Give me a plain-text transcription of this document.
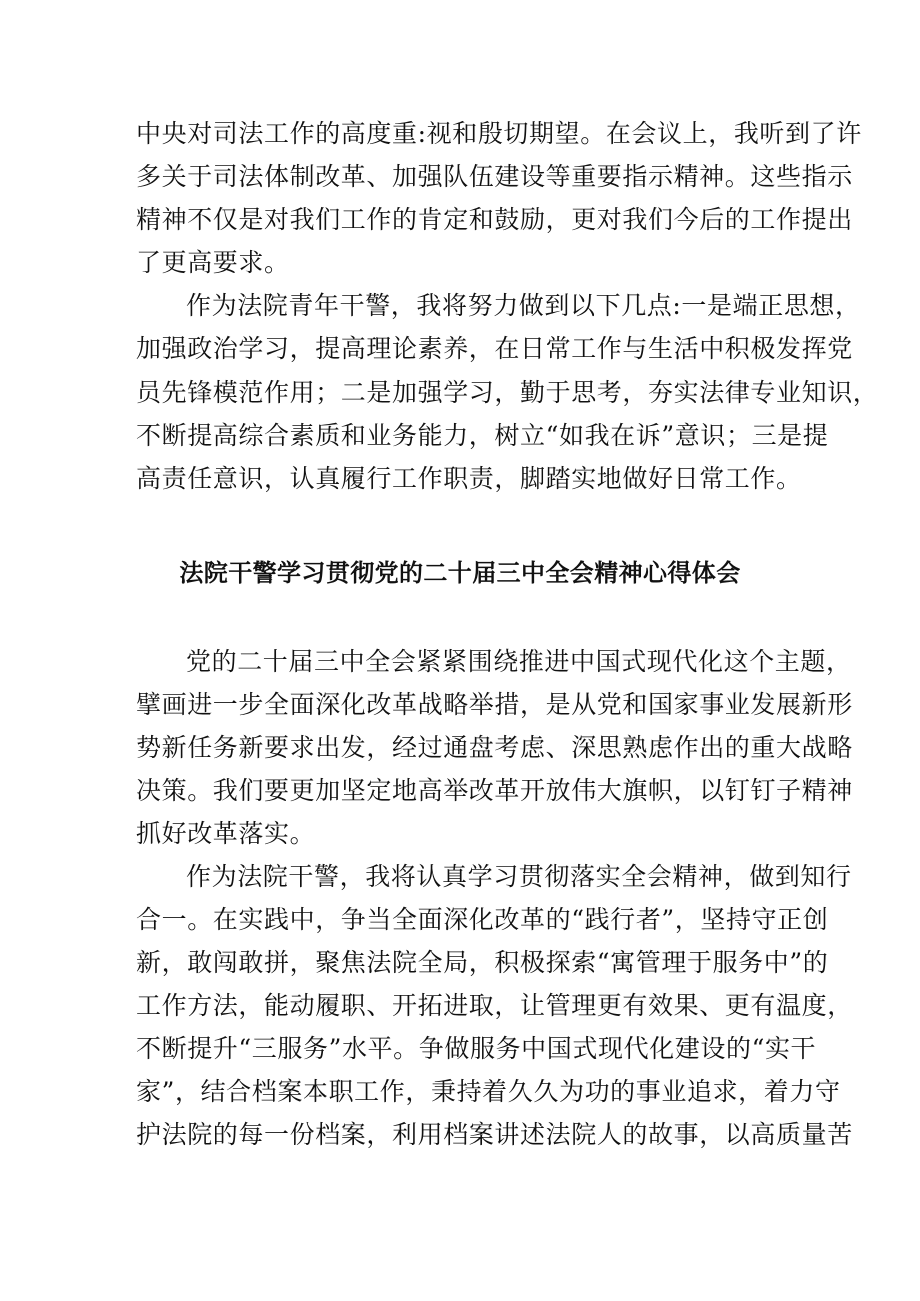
中央对司法工作的高度重:视和殷切期望。在会议上，我听到了许
多关于司法体制改革、加强队伍建设等重要指示精神。这些指示
精神不仅是对我们工作的肯定和鼓励，更对我们今后的工作提出
了更高要求。
作为法院青年干警，我将努力做到以下几点:一是端正思想，
加强政治学习，提高理论素养，在日常工作与生活中积极发挥党
员先锋模范作用；二是加强学习，勤于思考，夯实法律专业知识，
不断提高综合素质和业务能力，树立“如我在诉”意识；三是提
高责任意识，认真履行工作职责，脚踏实地做好日常工作。
法院干警学习贯彻党的二十届三中全会精神心得体会
党的二十届三中全会紧紧围绕推进中国式现代化这个主题，
擘画进一步全面深化改革战略举措，是从党和国家事业发展新形
势新任务新要求出发，经过通盘考虑、深思熟虑作出的重大战略
决策。我们要更加坚定地高举改革开放伟大旗帜，以钉钉子精神
抓好改革落实。
作为法院干警，我将认真学习贯彻落实全会精神，做到知行
合一。在实践中，争当全面深化改革的“践行者”，坚持守正创
新，敢闯敢拼，聚焦法院全局，积极探索“寓管理于服务中”的
工作方法，能动履职、开拓进取，让管理更有效果、更有温度，
不断提升“三服务”水平。争做服务中国式现代化建设的“实干
家”，结合档案本职工作，秉持着久久为功的事业追求，着力守
护法院的每一份档案，利用档案讲述法院人的故事，以高质量苦
